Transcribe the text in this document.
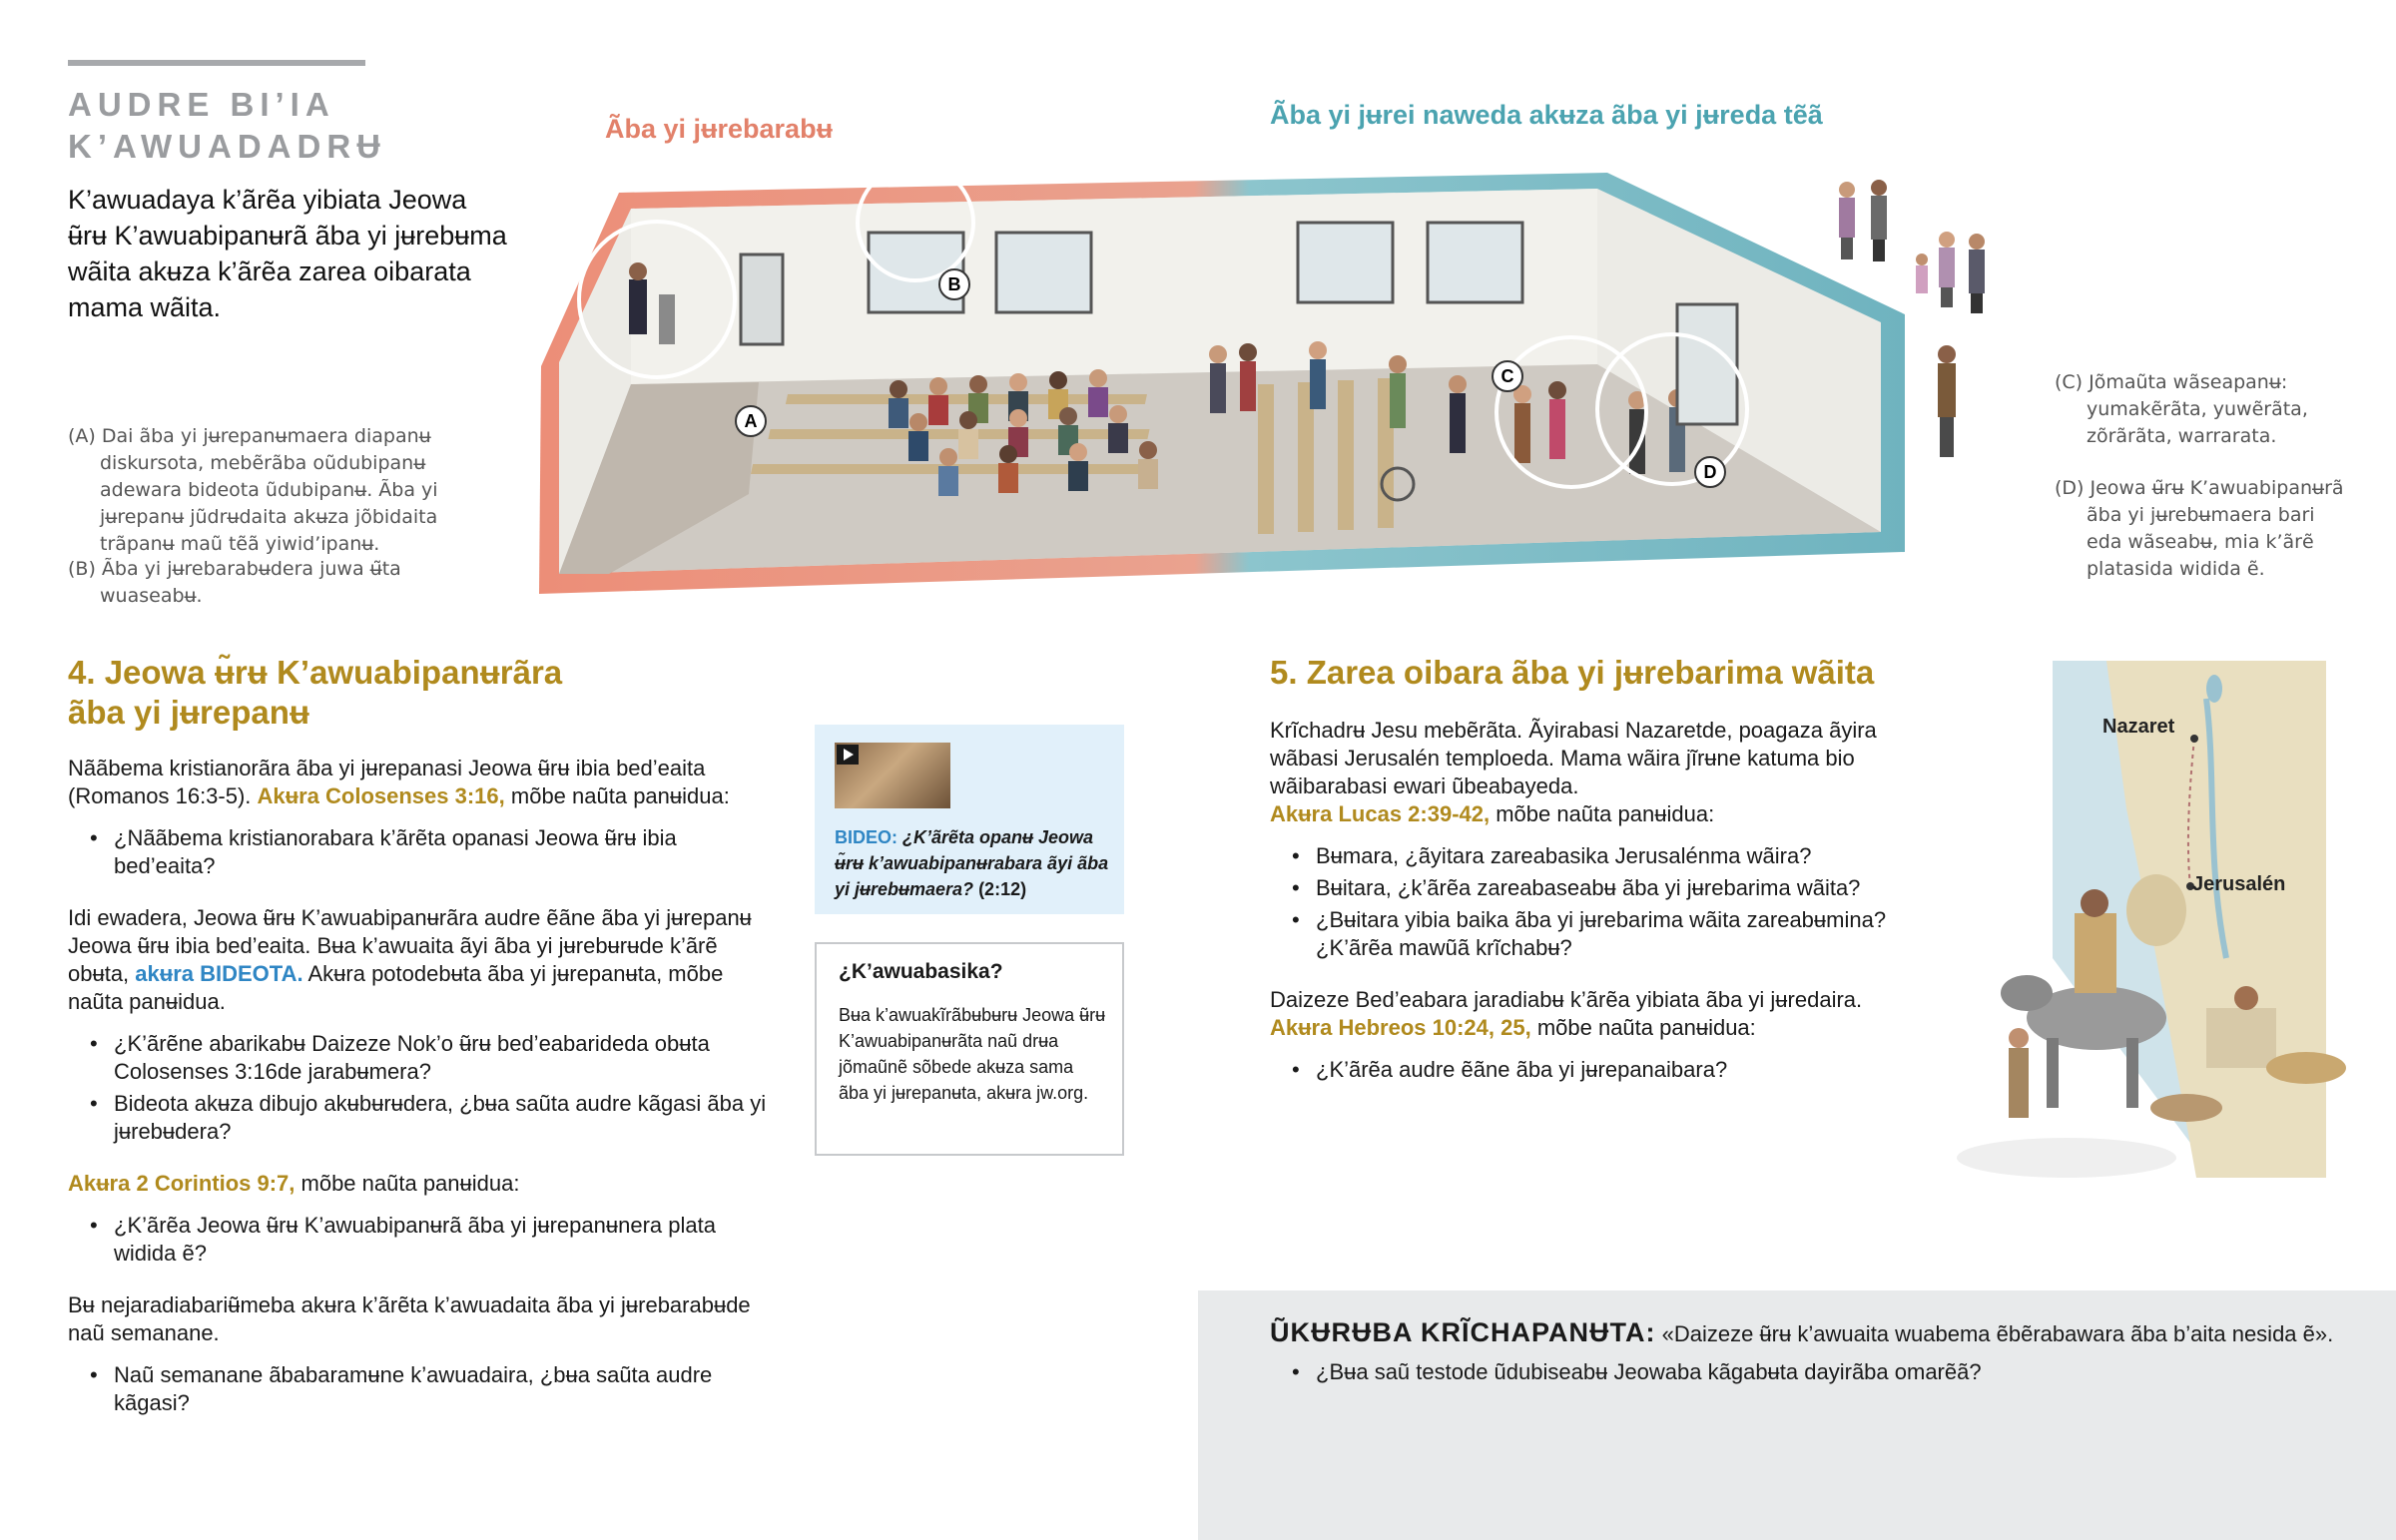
AUDRE BI’IA
K’AWUADADRɄ

K’awuadaya k’ãrẽa yibiata Jeowa ʉ̃rʉ K’awuabipanʉrã ãba yi jʉrebʉma wãita akʉza k’ãrẽa zarea oibarata mama wãita.

Ãba yi jʉrebarabʉ	Ãba yi jʉrei naweda akʉza ãba yi jʉreda tẽã
A
B
C
D
(A) Dai ãba yi jʉrepanʉmaera diapanʉ diskursota, mebẽrãba oũdubipanʉ adewara bideota ũdubipanʉ. Ãba yi jʉrepanʉ jũdrʉdaita akʉza jõbidaita trãpanʉ maũ tẽã yiwid’ipanʉ.
(B) Ãba yi jʉrebarabʉdera juwa ʉ̃ta wuaseabʉ.
(C) Jõmaũta wãseapanʉ: yumakẽrãta, yuwẽrãta, zõrãrãta, warrarata.
(D) Jeowa ʉ̃rʉ K’awuabipanʉrã ãba yi jʉrebʉmaera bari eda wãseabʉ, mia k’ãrẽ platasida widida ẽ.
4. Jeowa ʉ̃rʉ K’awuabipanʉrãra
ãba yi jʉrepanʉ

Nããbema kristianorãra ãba yi jʉrepanasi Jeowa ʉ̃rʉ ibia bed’eaita (Romanos 16:3-5). Akʉra Colosenses 3:16, mõbe naũta panʉidua:

• ¿Nããbema kristianorabara k’ãrẽta opanasi Jeowa ʉ̃rʉ ibia bed’eaita?

Idi ewadera, Jeowa ʉ̃rʉ K’awuabipanʉrãra audre ẽãne ãba yi jʉrepanʉ Jeowa ʉ̃rʉ ibia bed’eaita. Bʉa k’awuaita ãyi ãba yi jʉrebʉrʉde k’ãrẽ obʉta, akʉra BIDEOTA. Akʉra potodebʉta ãba yi jʉrepanʉta, mõbe naũta panʉidua.

• ¿K’ãrẽne abarikabʉ Daizeze Nok’o ʉ̃rʉ bed’eabarideda obʉta Colosenses 3:16de jarabʉmera?
• Bideota akʉza dibujo akʉbʉrʉdera, ¿bʉa saũta audre kãgasi ãba yi jʉrebʉdera?

Akʉra 2 Corintios 9:7, mõbe naũta panʉidua:

• ¿K’ãrẽa Jeowa ʉ̃rʉ K’awuabipanʉrã ãba yi jʉrepanʉnera plata widida ẽ?

Bʉ nejaradiabariʉ̃meba akʉra k’ãrẽta k’awuadaita ãba yi jʉrebarabʉde naũ semanane.

• Naũ semanane ãbabaramʉne k’awuadaira, ¿bʉa saũta audre kãgasi?
BIDEO: ¿K’ãrẽta opanʉ Jeowa ʉ̃rʉ k’awuabipanʉrabara ãyi ãba yi jʉrebʉmaera? (2:12)
¿K’awuabasika?
Bʉa k’awuakĩrãbʉbʉrʉ Jeowa ʉ̃rʉ K’awuabipanʉrãta naũ drʉa jõmaũnẽ sõbede akʉza sama ãba yi jʉrepanʉta, akʉra jw.org.
5. Zarea oibara ãba yi jʉrebarima wãita

Krĩchadrʉ Jesu mebẽrãta. Ãyirabasi Nazaretde, poagaza ãyira wãbasi Jerusalén temploeda. Mama wãira jĩrʉne katuma bio wãibarabasi ewari ũbeabayeda.
Akʉra Lucas 2:39-42, mõbe naũta panʉidua:

• Bʉmara, ¿ãyitara zareabasika Jerusalénma wãira?
• Bʉitara, ¿k’ãrẽa zareabaseabʉ ãba yi jʉrebarima wãita?
• ¿Bʉitara yibia baika ãba yi jʉrebarima wãita zareabʉmina? ¿K’ãrẽa mawũã krĩchabʉ?

Daizeze Bed’eabara jaradiabʉ k’ãrẽa yibiata ãba yi jʉredaira.
Akʉra Hebreos 10:24, 25, mõbe naũta panʉidua:

• ¿K’ãrẽa audre ẽãne ãba yi jʉrepanaibara?
Nazaret
Jerusalén

ŨKɄRɄBA KRĨCHAPANɄTA: «Daizeze ʉ̃rʉ k’awuaita wuabema ẽbẽrabawara ãba b’aita nesida ẽ».

• ¿Bʉa saũ testode ũdubiseabʉ Jeowaba kãgabʉta dayirãba omarẽã?
